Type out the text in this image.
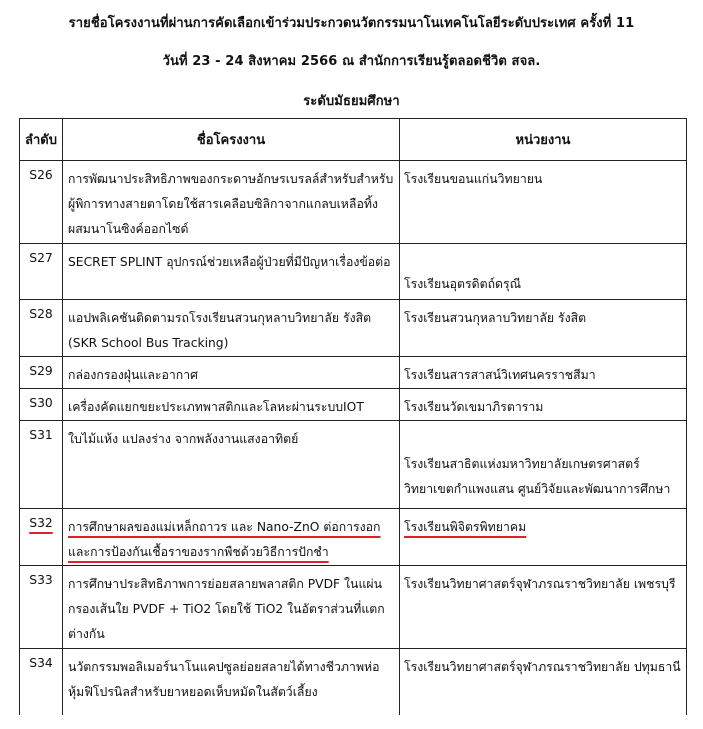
รายชื่อโครงงานที่ผ่านการคัดเลือกเข้าร่วมประกวดนวัตกรรมนาโนเทคโนโลยีระดับประเทศ ครั้งที่ 11
วันที่ 23 - 24 สิงหาคม 2566 ณ สำนักการเรียนรู้ตลอดชีวิต สจล.
ระดับมัธยมศึกษา
ลำดับ	ชื่อโครงงาน	หน่วยงาน

S26	การพัฒนาประสิทธิภาพของกระดาษอักษรเบรลล์สำหรับสำหรับผู้พิการทางสายตาโดยใช้สารเคลือบซิลิกาจากแกลบเหลือทิ้งผสมนาโนซิงค์ออกไซด์	โรงเรียนขอนแก่นวิทยายน

S27	SECRET SPLINT อุปกรณ์ช่วยเหลือผู้ป่วยที่มีปัญหาเรื่องข้อต่อ	โรงเรียนอุตรดิตถ์ดรุณี

S28	แอปพลิเคชันติดตามรถโรงเรียนสวนกุหลาบวิทยาลัย รังสิต (SKR School Bus Tracking)	โรงเรียนสวนกุหลาบวิทยาลัย รังสิต

S29	กล่องกรองฝุ่นและอากาศ	โรงเรียนสารสาสน์วิเทศนครราชสีมา

S30	เครื่องคัดแยกขยะประเภทพาสติกและโลหะผ่านระบบIOT	โรงเรียนวัดเขมาภิรตาราม

S31	ใบไม้แห้ง แปลงร่าง จากพลังงานแสงอาทิตย์	โรงเรียนสาธิตแห่งมหาวิทยาลัยเกษตรศาสตร์ วิทยาเขตกำแพงแสน ศูนย์วิจัยและพัฒนาการศึกษา

S32	การศึกษาผลของแม่เหล็กถาวร และ Nano-ZnO ต่อการงอกและการป้องกันเชื้อราของรากพืชด้วยวิธีการปักชำ	โรงเรียนพิจิตรพิทยาคม

S33	การศึกษาประสิทธิภาพการย่อยสลายพลาสติก PVDF ในแผ่นกรองเส้นใย PVDF + TiO2 โดยใช้ TiO2 ในอัตราส่วนที่แตกต่างกัน	โรงเรียนวิทยาศาสตร์จุฬาภรณราชวิทยาลัย เพชรบุรี

S34	นวัตกรรมพอลิเมอร์นาโนแคปซูลย่อยสลายได้ทางชีวภาพห่อหุ้มฟิโปรนิลสำหรับยาหยอดเห็บหมัดในสัตว์เลี้ยง	โรงเรียนวิทยาศาสตร์จุฬาภรณราชวิทยาลัย ปทุมธานี
